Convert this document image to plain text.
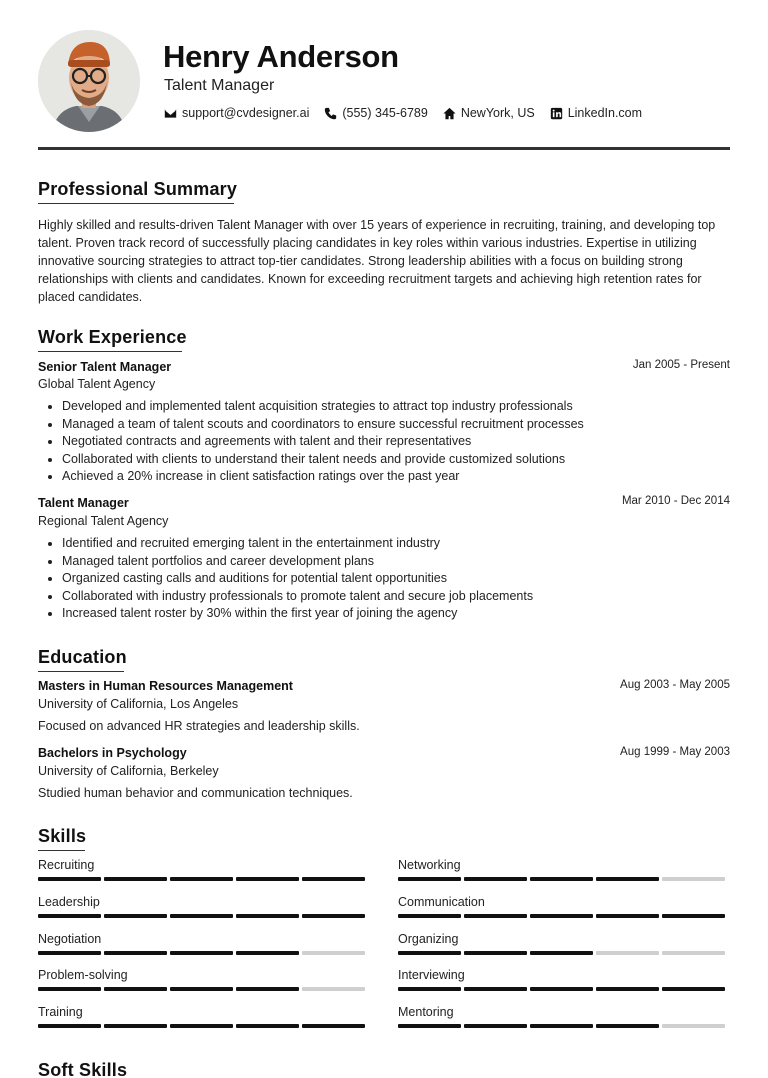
Henry Anderson
Talent Manager
support@cvdesigner.ai	(555) 345-6789	NewYork, US	LinkedIn.com
Professional Summary
Highly skilled and results-driven Talent Manager with over 15 years of experience in recruiting, training, and developing top talent. Proven track record of successfully placing candidates in key roles within various industries. Expertise in utilizing innovative sourcing strategies to attract top-tier candidates. Strong leadership abilities with a focus on building strong relationships with clients and candidates. Known for exceeding recruitment targets and achieving high retention rates for placed candidates.
Work Experience
Senior Talent Manager	Jan 2005 - Present
Global Talent Agency
Developed and implemented talent acquisition strategies to attract top industry professionals
Managed a team of talent scouts and coordinators to ensure successful recruitment processes
Negotiated contracts and agreements with talent and their representatives
Collaborated with clients to understand their talent needs and provide customized solutions
Achieved a 20% increase in client satisfaction ratings over the past year
Talent Manager	Mar 2010 - Dec 2014
Regional Talent Agency
Identified and recruited emerging talent in the entertainment industry
Managed talent portfolios and career development plans
Organized casting calls and auditions for potential talent opportunities
Collaborated with industry professionals to promote talent and secure job placements
Increased talent roster by 30% within the first year of joining the agency
Education
Masters in Human Resources Management	Aug 2003 - May 2005
University of California, Los Angeles
Focused on advanced HR strategies and leadership skills.
Bachelors in Psychology	Aug 1999 - May 2003
University of California, Berkeley
Studied human behavior and communication techniques.
Skills
Recruiting	Networking
Leadership	Communication
Negotiation	Organizing
Problem-solving	Interviewing
Training	Mentoring
Soft Skills
